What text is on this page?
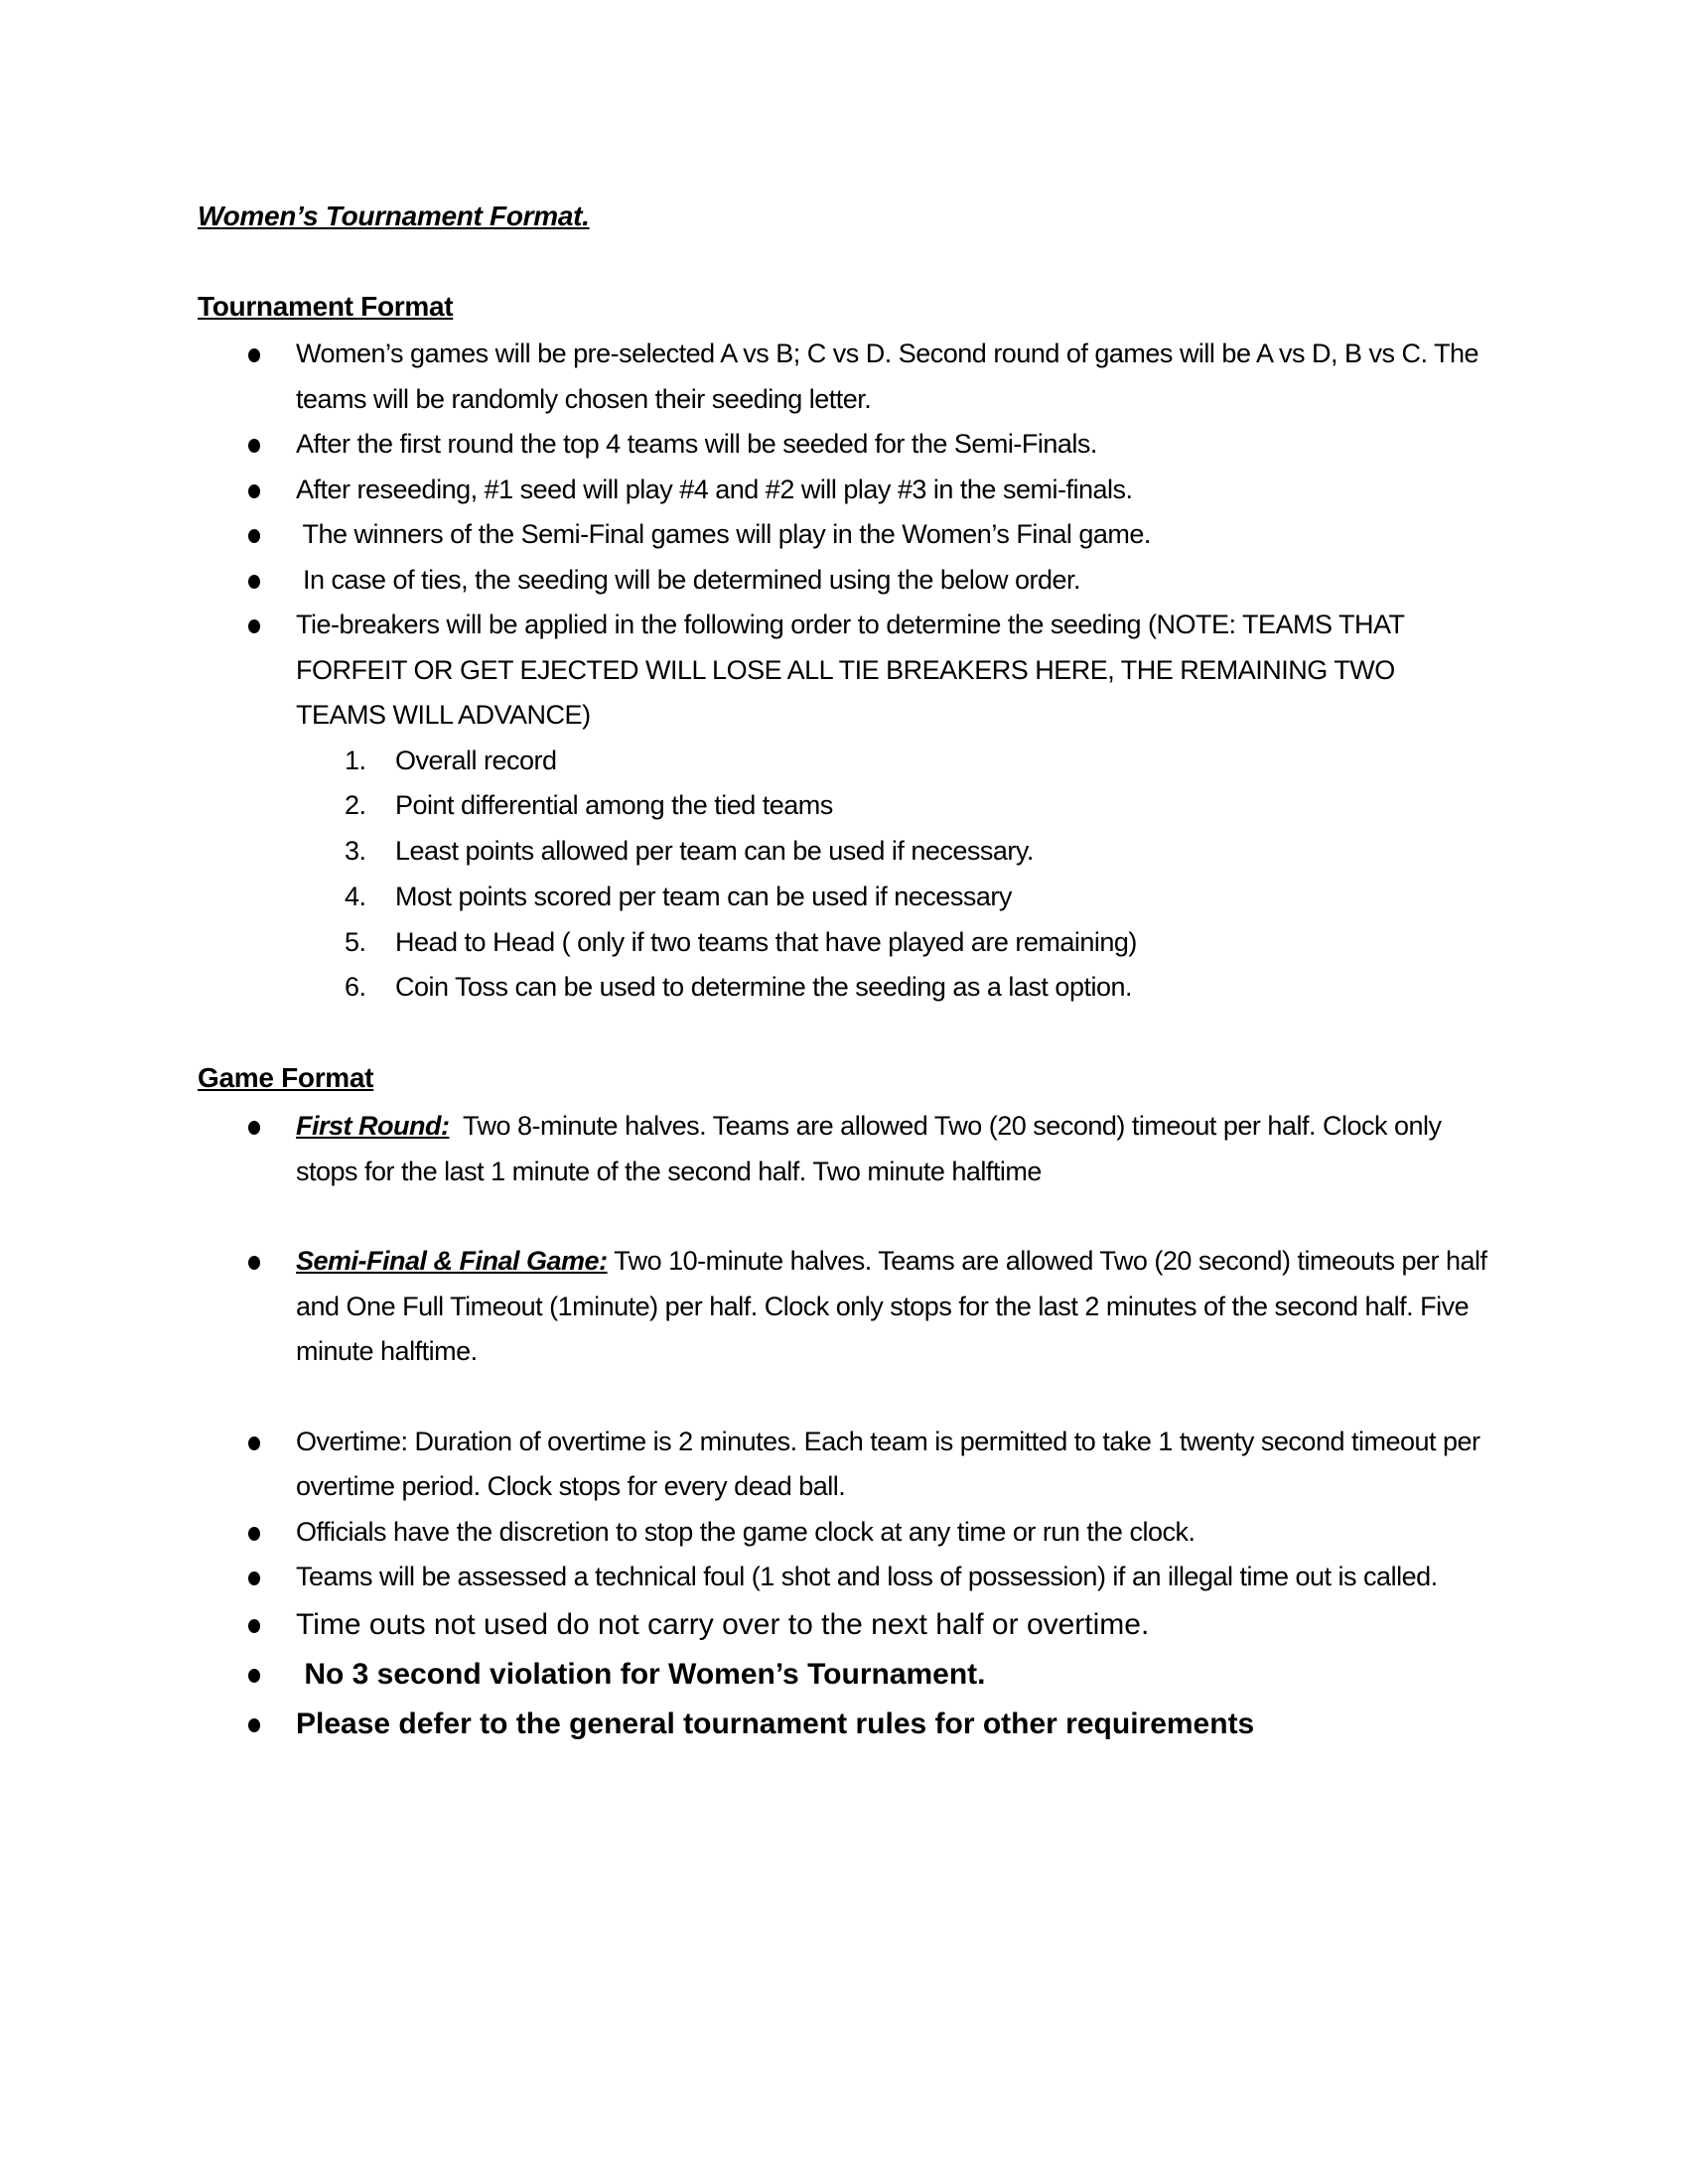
Women’s Tournament Format.
Tournament Format
Women’s games will be pre-selected A vs B; C vs D. Second round of games will be A vs D, B vs C. The teams will be randomly chosen their seeding letter.
After the first round the top 4 teams will be seeded for the Semi-Finals.
After reseeding, #1 seed will play #4 and #2 will play #3 in the semi-finals.
The winners of the Semi-Final games will play in the Women’s Final game.
In case of ties, the seeding will be determined using the below order.
Tie-breakers will be applied in the following order to determine the seeding (NOTE: TEAMS THAT FORFEIT OR GET EJECTED WILL LOSE ALL TIE BREAKERS HERE, THE REMAINING TWO TEAMS WILL ADVANCE)
1. Overall record
2. Point differential among the tied teams
3. Least points allowed per team can be used if necessary.
4. Most points scored per team can be used if necessary
5. Head to Head ( only if two teams that have played are remaining)
6. Coin Toss can be used to determine the seeding as a last option.
Game Format
First Round:  Two 8-minute halves. Teams are allowed Two (20 second) timeout per half. Clock only stops for the last 1 minute of the second half. Two minute halftime
Semi-Final & Final Game: Two 10-minute halves. Teams are allowed Two (20 second) timeouts per half and One Full Timeout (1minute) per half. Clock only stops for the last 2 minutes of the second half. Five minute halftime.
Overtime: Duration of overtime is 2 minutes. Each team is permitted to take 1 twenty second timeout per overtime period. Clock stops for every dead ball.
Officials have the discretion to stop the game clock at any time or run the clock.
Teams will be assessed a technical foul (1 shot and loss of possession) if an illegal time out is called.
Time outs not used do not carry over to the next half or overtime.
No 3 second violation for Women’s Tournament.
Please defer to the general tournament rules for other requirements
